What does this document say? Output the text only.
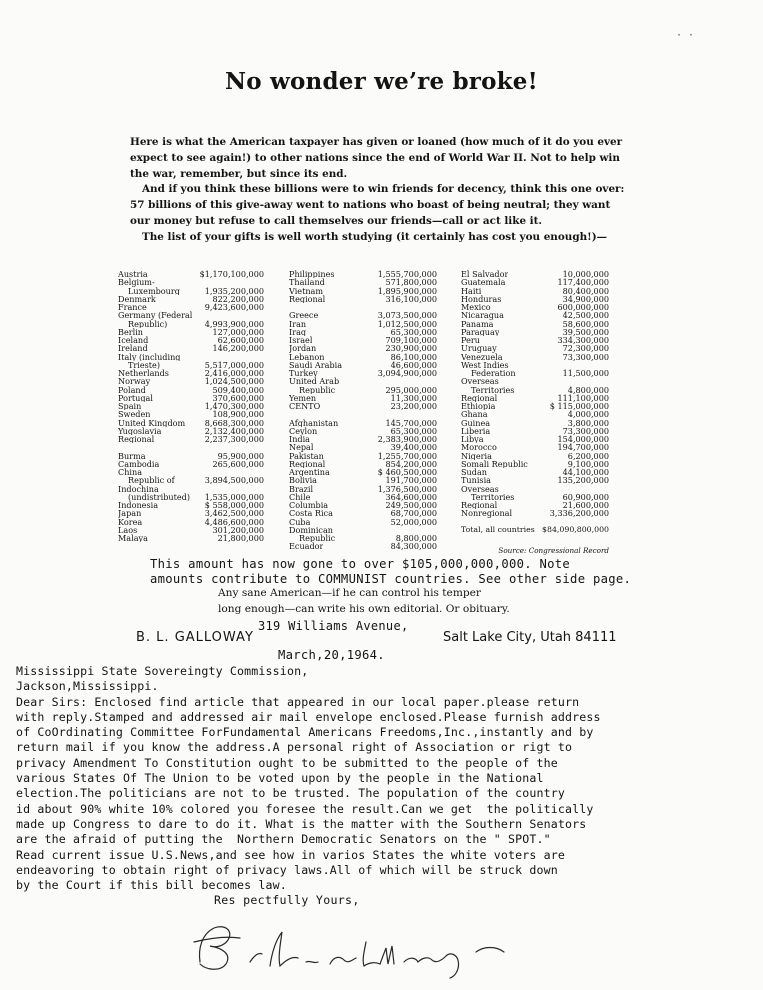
· ·
No wonder we’re broke!

Here is what the American taxpayer has given or loaned (how much of it do you ever expect to see again!) to other nations since the end of World War II. Not to help win the war, remember, but since its end.

And if you think these billions were to win friends for decency, think this one over: 57 billions of this give-away went to nations who boast of being neutral; they want our money but refuse to call themselves our friends—call or act like it.

The list of your gifts is well worth studying (it certainly has cost you enough!)—

Austria	$1,170,100,000
Belgium-
Luxembourg	1,935,200,000
Denmark	822,200,000
France	9,423,600,000
Germany (Federal
Republic)	4,993,900,000
Berlin	127,000,000
Iceland	62,600,000
Ireland	146,200,000
Italy (including
Trieste)	5,517,000,000
Netherlands	2,416,000,000
Norway	1,024,500,000
Poland	509,400,000
Portugal	370,600,000
Spain	1,470,300,000
Sweden	108,900,000
United Kingdom 8,668,300,000
Yugoslavia	2,132,400,000
Regional	2,237,300,000
Burma	95,900,000
Cambodia	265,600,000
China
Republic of	3,894,500,000
Indochina
(undistributed) 1,535,000,000
Indonesia	$ 558,000,000
Japan	3,462,500,000
Korea	4,486,600,000
Laos	301,200,000
Malaya	21,800,000
Philippines	1,555,700,000
Thailand	571,800,000
Vietnam	1,895,900,000
Regional	316,100,000
Greece	3,073,500,000
Iran	1,012,500,000
Iraq	65,300,000
Israel	709,100,000
Jordan	230,900,000
Lebanon	86,100,000
Saudi Arabia	46,600,000
Turkey	3,094,900,000
United Arab
Republic	295,000,000
Yemen	11,300,000
CENTO	23,200,000
Afghanistan	145,700,000
Ceylon	65,300,000
India	2,383,900,000
Nepal	39,400,000
Pakistan	1,255,700,000
Regional	854,200,000
Argentina	$ 460,500,000
Bolivia	191,700,000
Brazil	1,376,500,000
Chile	364,600,000
Columbia	249,500,000
Costa Rica	68,700,000
Cuba	52,000,000
Dominican
Republic	8,800,000
Ecuador	84,300,000
El Salvador	10,000,000
Guatemala	117,400,000
Haiti	80,400,000
Honduras	34,900,000
Mexico	600,000,000
Nicaragua	42,500,000
Panama	58,600,000
Paraguay	39,500,000
Peru	334,300,000
Uruguay	72,300,000
Venezuela	73,300,000
West Indies
Federation	11,500,000
Overseas
Territories	4,800,000
Regional	111,100,000
Ethiopia	$ 115,000,000
Ghana	4,000,000
Guinea	3,800,000
Liberia	73,300,000
Libya	154,000,000
Morocco	194,700,000
Nigeria	6,200,000
Somali Republic	9,100,000
Sudan	44,100,000
Tunisia	135,200,000
Overseas
Territories	60,900,000
Regional	21,600,000
Nonregional	3,336,200,000
Total, all countries $84,090,800,000
Source: Congressional Record
This amount has now gone to over $105,000,000,000. Note
amounts contribute to COMMUNIST countries. See other side page.
Any sane American—if he can control his temper
long enough—can write his own editorial. Or obituary.
B. L. GALLOWAY
319 Williams Avenue,
Salt Lake City, Utah 84111
March,20,1964.
Mississippi State Sovereingty Commission,
Jackson,Mississippi.
Dear Sirs: Enclosed find article that appeared in our local paper.please return
with reply.Stamped and addressed air mail envelope enclosed.Please furnish address
of CoOrdinating Committee ForFundamental Americans Freedoms,Inc.,instantly and by
return mail if you know the address.A personal right of Association or rigt to
privacy Amendment To Constitution ought to be submitted to the people of the
various States Of The Union to be voted upon by the people in the National
election.The politicians are not to be trusted. The population of the country
id about 90% white 10% colored you foresee the result.Can we get  the politically
made up Congress to dare to do it. What is the matter with the Southern Senators
are the afraid of putting the  Northern Democratic Senators on the " SPOT."
Read current issue U.S.News,and see how in varios States the white voters are
endeavoring to obtain right of privacy laws.All of which will be struck down
by the Court if this bill becomes law.
Res pectfully Yours,
